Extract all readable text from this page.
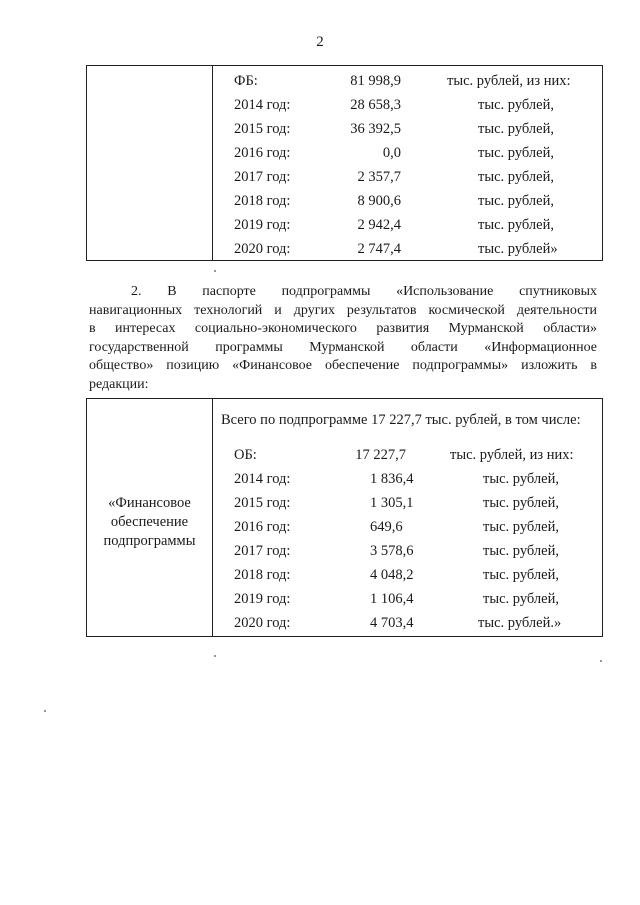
2
ФБ:	81 998,9	тыс. рублей, из них:
2014 год:	28 658,3	тыс. рублей,
2015 год:	36 392,5	тыс. рублей,
2016 год:	0,0	тыс. рублей,
2017 год:	2 357,7	тыс. рублей,
2018 год:	8 900,6	тыс. рублей,
2019 год:	2 942,4	тыс. рублей,
2020 год:	2 747,4	тыс. рублей»
2. В паспорте подпрограммы «Использование спутниковых
навигационных технологий и других результатов космической деятельности
в интересах социально-экономического развития Мурманской области»
государственной программы Мурманской области «Информационное
общество» позицию «Финансовое обеспечение подпрограммы» изложить в
редакции:
«Финансовое
обеспечение
подпрограммы
Всего по подпрограмме 17 227,7 тыс. рублей, в том числе:
ОБ:	17 227,7	тыс. рублей, из них:
2014 год:	1 836,4	тыс. рублей,
2015 год:	1 305,1	тыс. рублей,
2016 год:	649,6	тыс. рублей,
2017 год:	3 578,6	тыс. рублей,
2018 год:	4 048,2	тыс. рублей,
2019 год:	1 106,4	тыс. рублей,
2020 год:	4 703,4	тыс. рублей.»
